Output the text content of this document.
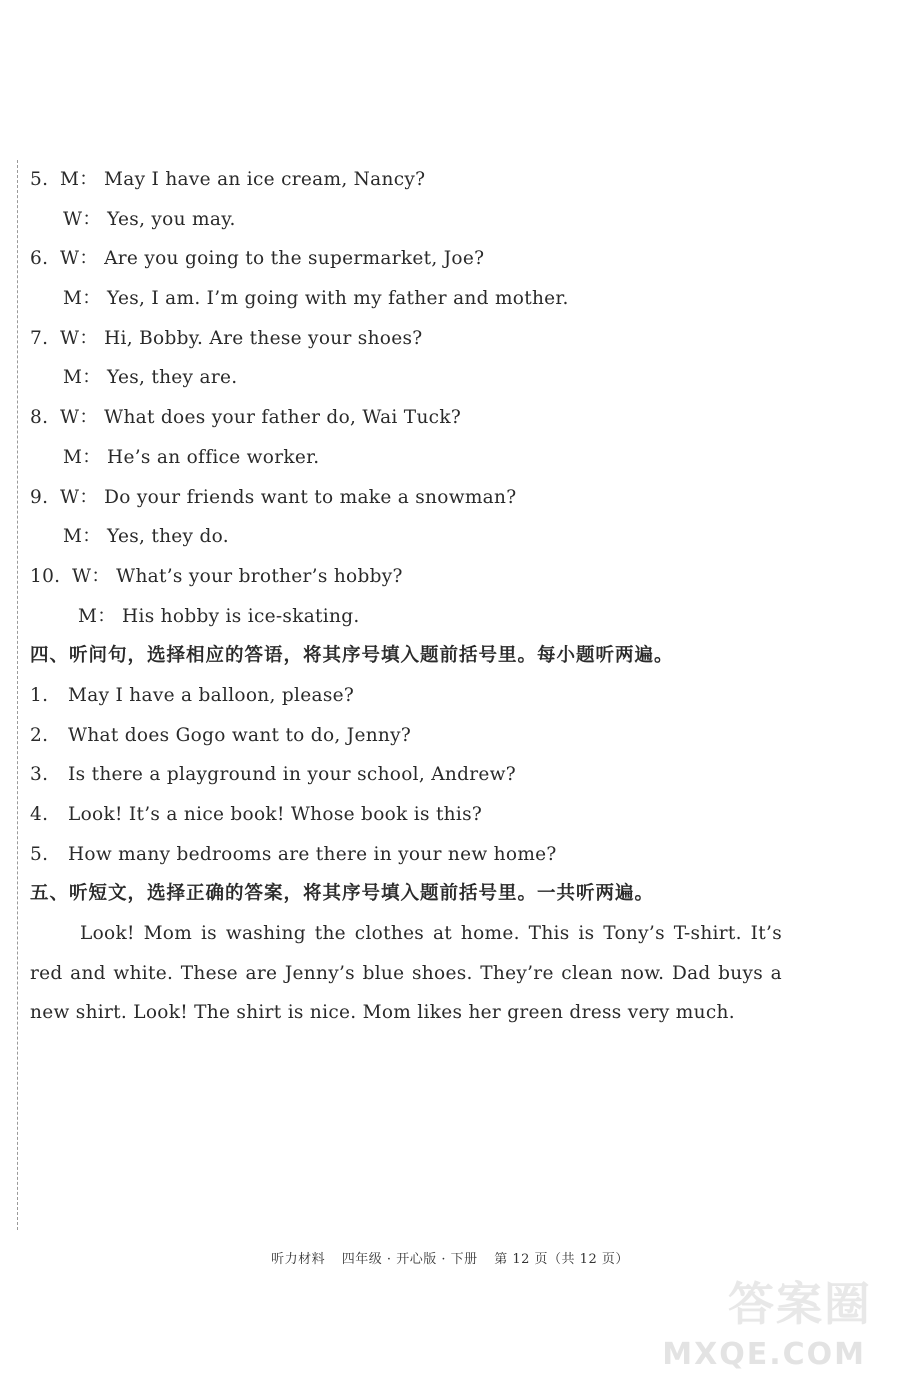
5. M： May I have an ice cream, Nancy?
W： Yes, you may.
6. W： Are you going to the supermarket, Joe?
M： Yes, I am. I’m going with my father and mother.
7. W： Hi, Bobby. Are these your shoes?
M： Yes, they are.
8. W： What does your father do, Wai Tuck?
M： He’s an office worker.
9. W： Do your friends want to make a snowman?
M： Yes, they do.
10. W： What’s your brother’s hobby?
M： His hobby is ice-skating.
四、听问句，选择相应的答语，将其序号填入题前括号里。每小题听两遍。
1. May I have a balloon, please?
2. What does Gogo want to do, Jenny?
3. Is there a playground in your school, Andrew?
4. Look! It’s a nice book! Whose book is this?
5. How many bedrooms are there in your new home?
五、听短文，选择正确的答案，将其序号填入题前括号里。一共听两遍。
Look! Mom is washing the clothes at home. This is Tony’s T-shirt. It’s red and white. These are Jenny’s blue shoes. They’re clean now. Dad buys a new shirt. Look! The shirt is nice. Mom likes her green dress very much.
听力材料 四年级 · 开心版 · 下册 第 12 页（共 12 页）
答案圈
MXQE.COM
